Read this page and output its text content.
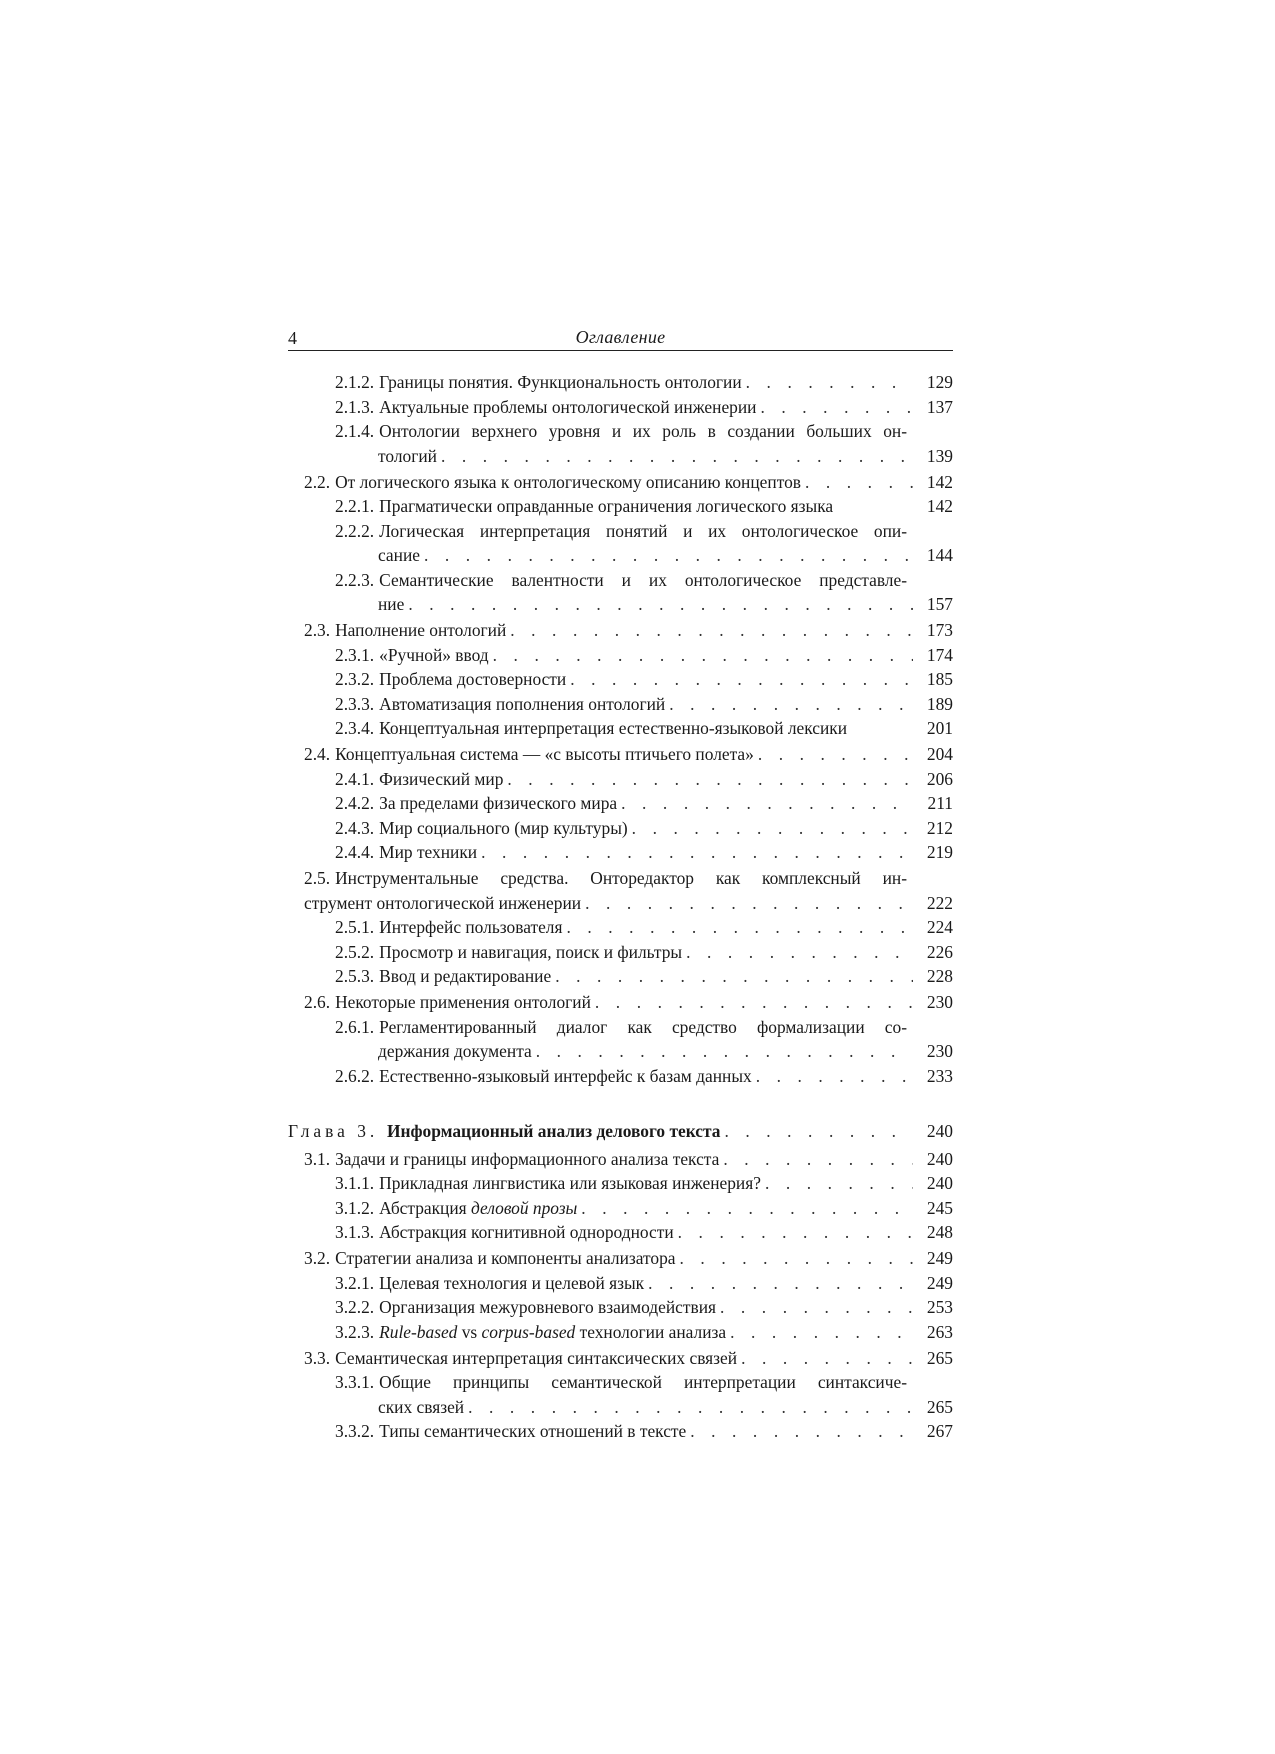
4	Оглавление
2.1.2. Границы понятия. Функциональность онтологии . . .	129
2.1.3. Актуальные проблемы онтологической инженерии . . .	137
2.1.4. Онтологии верхнего уровня и их роль в создании больших он-
тологий . . .	139
2.2. От логического языка к онтологическому описанию концептов . . .	142
2.2.1. Прагматически оправданные ограничения логического языка	142
2.2.2. Логическая интерпретация понятий и их онтологическое опи-
сание . . .	144
2.2.3. Семантические валентности и их онтологическое представле-
ние . . .	157
2.3. Наполнение онтологий . . .	173
2.3.1. «Ручной» ввод . . .	174
2.3.2. Проблема достоверности . . .	185
2.3.3. Автоматизация пополнения онтологий . . .	189
2.3.4. Концептуальная интерпретация естественно-языковой лексики	201
2.4. Концептуальная система — «с высоты птичьего полета» . . .	204
2.4.1. Физический мир . . .	206
2.4.2. За пределами физического мира . . .	211
2.4.3. Мир социального (мир культуры) . . .	212
2.4.4. Мир техники . . .	219
2.5. Инструментальные средства. Онторедактор как комплексный ин-
струмент онтологической инженерии . . .	222
2.5.1. Интерфейс пользователя . . .	224
2.5.2. Просмотр и навигация, поиск и фильтры . . .	226
2.5.3. Ввод и редактирование . . .	228
2.6. Некоторые применения онтологий . . .	230
2.6.1. Регламентированный диалог как средство формализации со-
держания документа . . .	230
2.6.2. Естественно-языковый интерфейс к базам данных . . .	233
Глава 3. Информационный анализ делового текста . . .	240
3.1. Задачи и границы информационного анализа текста . . .	240
3.1.1. Прикладная лингвистика или языковая инженерия? . . .	240
3.1.2. Абстракция деловой прозы . . .	245
3.1.3. Абстракция когнитивной однородности . . .	248
3.2. Стратегии анализа и компоненты анализатора . . .	249
3.2.1. Целевая технология и целевой язык . . .	249
3.2.2. Организация межуровневого взаимодействия . . .	253
3.2.3. Rule-based vs corpus-based технологии анализа . . .	263
3.3. Семантическая интерпретация синтаксических связей . . .	265
3.3.1. Общие принципы семантической интерпретации синтаксиче-
ских связей . . .	265
3.3.2. Типы семантических отношений в тексте . . .	267
